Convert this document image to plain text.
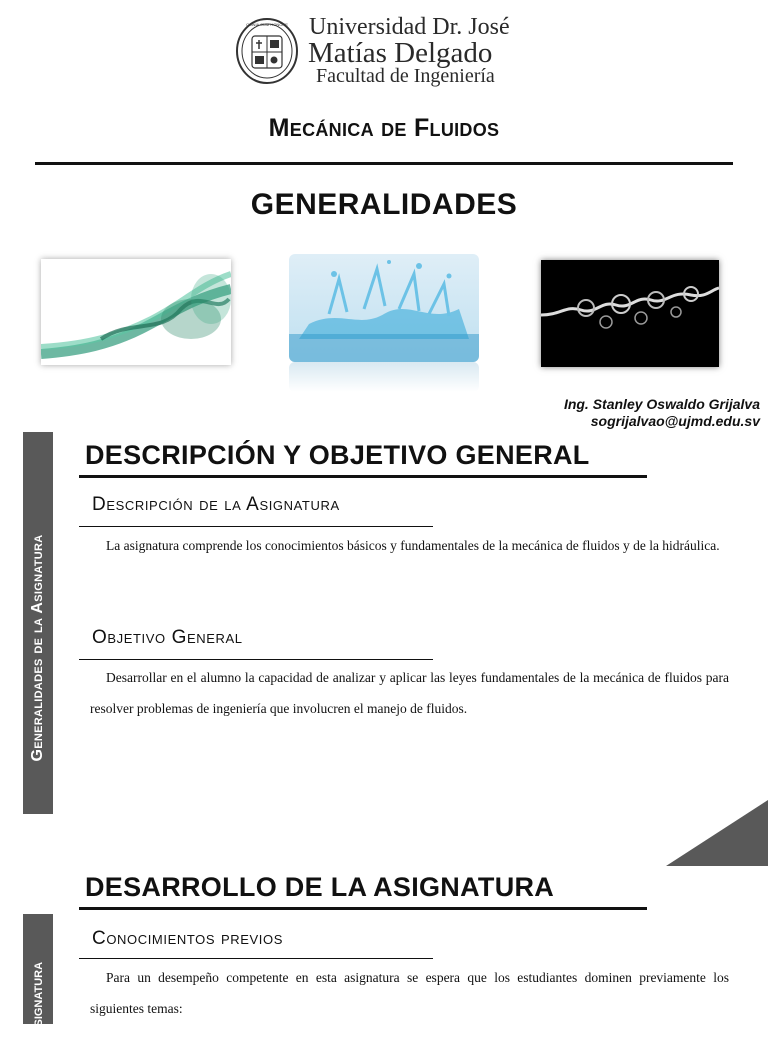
OMNIA CUM HONORE Universidad Dr. José
Matías Delgado
Facultad de Ingeniería
Mecánica de Fluidos
GENERALIDADES
Ing. Stanley Oswaldo Grijalva
sogrijalvao@ujmd.edu.sv
Generalidades de la Asignatura
Asignatura
DESCRIPCIÓN Y OBJETIVO GENERAL
Descripción de la Asignatura
La asignatura comprende los conocimientos básicos y fundamentales de la mecánica de fluidos y de la hidráulica.
Objetivo General
Desarrollar en el alumno la capacidad de analizar y aplicar las leyes fundamentales de la mecánica de fluidos para resolver problemas de ingeniería que involucren el manejo de fluidos.
DESARROLLO DE LA ASIGNATURA
Conocimientos previos
Para un desempeño competente en esta asignatura se espera que los estudiantes dominen previamente los siguientes temas:
